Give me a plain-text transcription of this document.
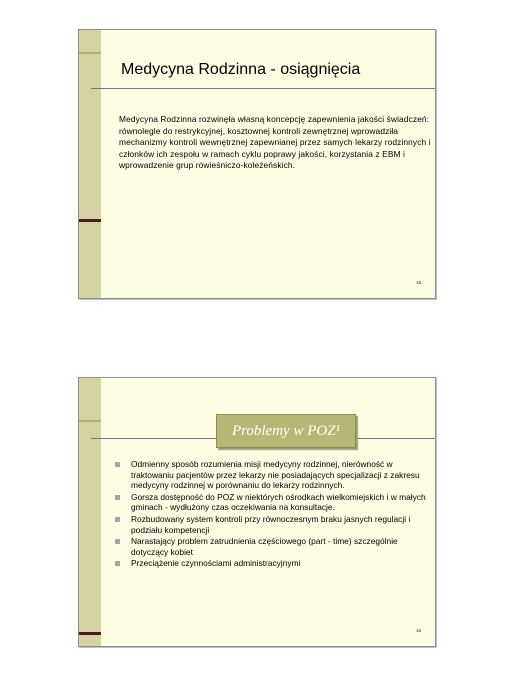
Medycyna Rodzinna - osiągnięcia
Medycyna Rodzinna rozwinęła własną koncepcję zapewnienia jakości świadczeń: równolegle do restrykcyjnej, kosztownej kontroli zewnętrznej wprowadziła mechanizmy kontroli wewnętrznej zapewnianej przez samych lekarzy rodzinnych i członków ich zespołu w ramach cyklu poprawy jakości, korzystania z EBM i wprowadzenie grup rówieśniczo-koleżeńskich.
15
Problemy w POZ¹
Odmienny sposób rozumienia misji medycyny rodzinnej, nierówność w traktowaniu pacjentów przez lekarzy nie posiadających specjalizacji z zakresu medycyny rodzinnej w porównaniu do lekarzy rodzinnych.
Gorsza dostępność do POZ w niektórych ośrodkach wielkomiejskich i w małych gminach - wydłużony czas oczekiwania na konsultacje.
Rozbudowany system kontroli przy równoczesnym braku jasnych regulacji i podziału kompetencji
Narastający problem zatrudnienia częściowego (part - time) szczególnie dotyczący kobiet
Przeciążenie czynnościami administracyjnymi
16
